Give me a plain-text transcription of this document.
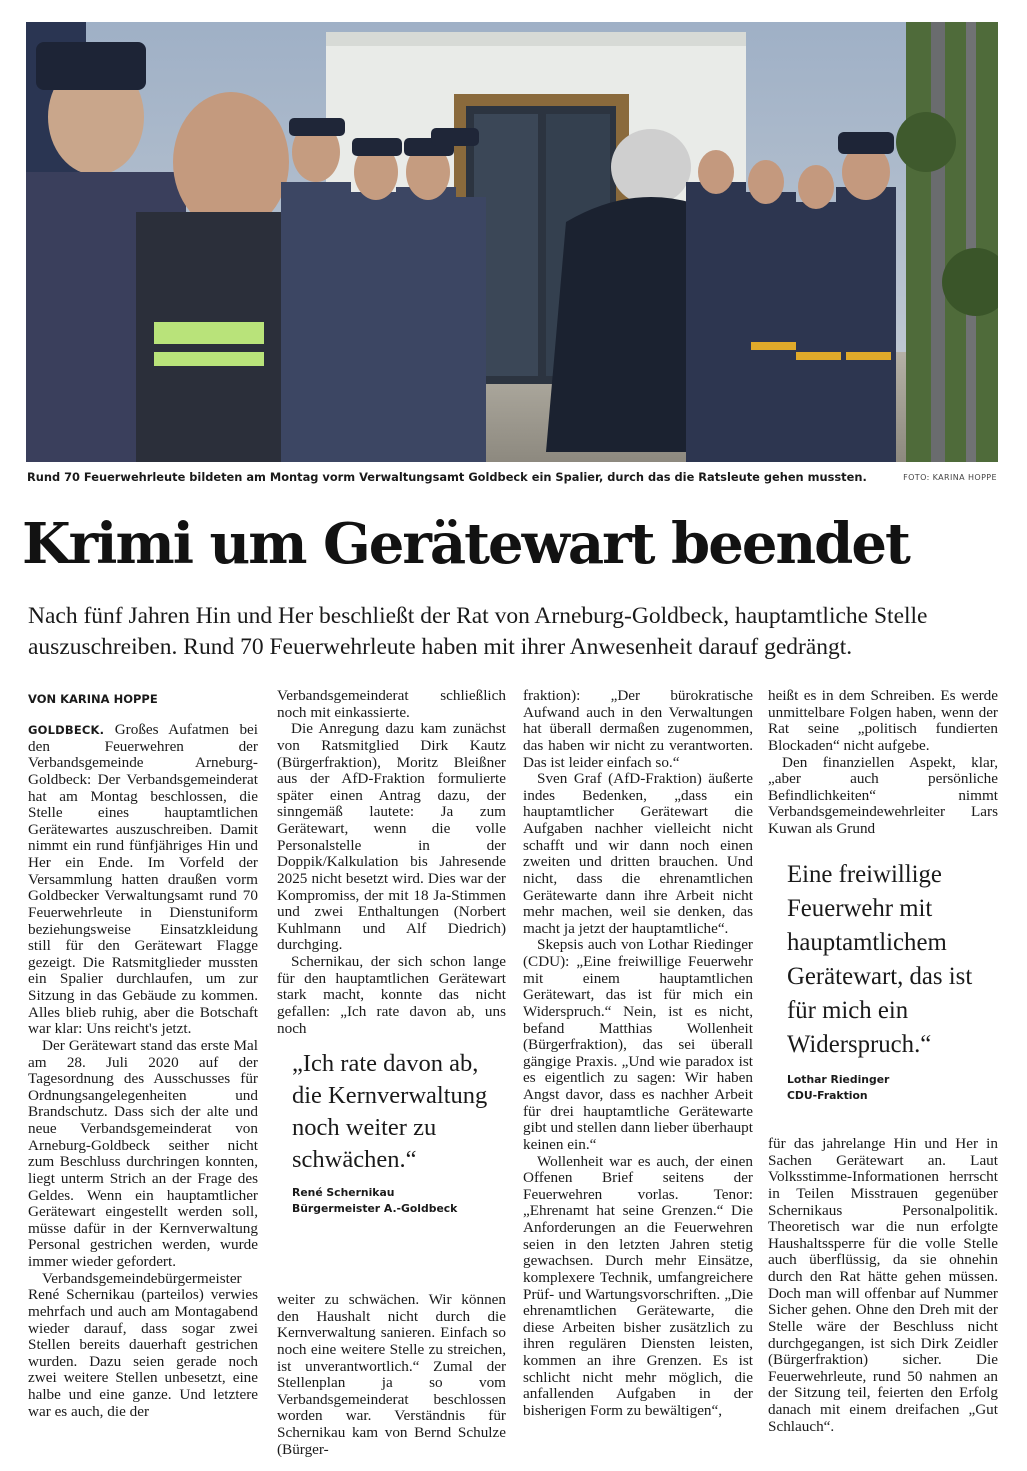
Rund 70 Feuerwehrleute bildeten am Montag vorm Verwaltungsamt Goldbeck ein Spalier, durch das die Ratsleute gehen mussten.	FOTO: KARINA HOPPE
Krimi um Gerätewart beendet

Nach fünf Jahren Hin und Her beschließt der Rat von Arneburg-Goldbeck, hauptamtliche Stelle auszuschreiben. Rund 70 Feuerwehrleute haben mit ihrer Anwesenheit darauf gedrängt.

VON KARINA HOPPE

GOLDBECK. Großes Aufatmen bei den Feuerwehren der Verbandsgemeinde Arneburg-Goldbeck: Der Verbandsgemeinderat hat am Montag beschlossen, die Stelle eines hauptamtlichen Gerätewartes auszuschreiben. Damit nimmt ein rund fünfjähriges Hin und Her ein Ende. Im Vorfeld der Versammlung hatten draußen vorm Goldbecker Verwaltungsamt rund 70 Feuerwehrleute in Dienstuniform beziehungsweise Einsatzkleidung still für den Gerätewart Flagge gezeigt. Die Ratsmitglieder mussten ein Spalier durchlaufen, um zur Sitzung in das Gebäude zu kommen. Alles blieb ruhig, aber die Botschaft war klar: Uns reicht's jetzt.

Der Gerätewart stand das erste Mal am 28. Juli 2020 auf der Tagesordnung des Ausschusses für Ordnungsangelegenheiten und Brandschutz. Dass sich der alte und neue Verbandsgemeinderat von Arneburg-Goldbeck seither nicht zum Beschluss durchringen konnten, liegt unterm Strich an der Frage des Geldes. Wenn ein hauptamtlicher Gerätewart eingestellt werden soll, müsse dafür in der Kernverwaltung Personal gestrichen werden, wurde immer wieder gefordert.

Verbandsgemeindebürgermeister René Schernikau (parteilos) verwies mehrfach und auch am Montagabend wieder darauf, dass sogar zwei Stellen bereits dauerhaft gestrichen wurden. Dazu seien gerade noch zwei weitere Stellen unbesetzt, eine halbe und eine ganze. Und letztere war es auch, die der

Verbandsgemeinderat schließlich noch mit einkassierte.

Die Anregung dazu kam zunächst von Ratsmitglied Dirk Kautz (Bürgerfraktion), Moritz Bleißner aus der AfD-Fraktion formulierte später einen Antrag dazu, der sinngemäß lautete: Ja zum Gerätewart, wenn die volle Personalstelle in der Doppik/Kalkulation bis Jahresende 2025 nicht besetzt wird. Dies war der Kompromiss, der mit 18 Ja-Stimmen und zwei Enthaltungen (Norbert Kuhlmann und Alf Diedrich) durchging.

Schernikau, der sich schon lange für den hauptamtlichen Gerätewart stark macht, konnte das nicht gefallen: „Ich rate davon ab, uns noch

„Ich rate davon ab, die Kernverwaltung noch weiter zu schwächen.“

René Schernikau

Bürgermeister A.-Goldbeck

weiter zu schwächen. Wir können den Haushalt nicht durch die Kernverwaltung sanieren. Einfach so noch eine weitere Stelle zu streichen, ist unverantwortlich.“ Zumal der Stellenplan ja so vom Verbandsgemeinderat beschlossen worden war. Verständnis für Schernikau kam von Bernd Schulze (Bürger-

fraktion): „Der bürokratische Aufwand auch in den Verwaltungen hat überall dermaßen zugenommen, das haben wir nicht zu verantworten. Das ist leider einfach so.“

Sven Graf (AfD-Fraktion) äußerte indes Bedenken, „dass ein hauptamtlicher Gerätewart die Aufgaben nachher vielleicht nicht schafft und wir dann noch einen zweiten und dritten brauchen. Und nicht, dass die ehrenamtlichen Gerätewarte dann ihre Arbeit nicht mehr machen, weil sie denken, das macht ja jetzt der hauptamtliche“.

Skepsis auch von Lothar Riedinger (CDU): „Eine freiwillige Feuerwehr mit einem hauptamtlichen Gerätewart, das ist für mich ein Widerspruch.“ Nein, ist es nicht, befand Matthias Wollenheit (Bürgerfraktion), das sei überall gängige Praxis. „Und wie paradox ist es eigentlich zu sagen: Wir haben Angst davor, dass es nachher Arbeit für drei hauptamtliche Gerätewarte gibt und stellen dann lieber überhaupt keinen ein.“

Wollenheit war es auch, der einen Offenen Brief seitens der Feuerwehren vorlas. Tenor: „Ehrenamt hat seine Grenzen.“ Die Anforderungen an die Feuerwehren seien in den letzten Jahren stetig gewachsen. Durch mehr Einsätze, komplexere Technik, umfangreichere Prüf- und Wartungsvorschriften. „Die ehrenamtlichen Gerätewarte, die diese Arbeiten bisher zusätzlich zu ihren regulären Diensten leisten, kommen an ihre Grenzen. Es ist schlicht nicht mehr möglich, die anfallenden Aufgaben in der bisherigen Form zu bewältigen“,

heißt es in dem Schreiben. Es werde unmittelbare Folgen haben, wenn der Rat seine „politisch fundierten Blockaden“ nicht aufgebe.

Den finanziellen Aspekt, klar, „aber auch persönliche Befindlichkeiten“ nimmt Verbandsgemeindewehrleiter Lars Kuwan als Grund

Eine freiwillige Feuerwehr mit hauptamtlichem Gerätewart, das ist für mich ein Widerspruch.“

Lothar Riedinger

CDU-Fraktion

für das jahrelange Hin und Her in Sachen Gerätewart an. Laut Volksstimme-Informationen herrscht in Teilen Misstrauen gegenüber Schernikaus Personalpolitik. Theoretisch war die nun erfolgte Haushaltssperre für die volle Stelle auch überflüssig, da sie ohnehin durch den Rat hätte gehen müssen. Doch man will offenbar auf Nummer Sicher gehen. Ohne den Dreh mit der Stelle wäre der Beschluss nicht durchgegangen, ist sich Dirk Zeidler (Bürgerfraktion) sicher. Die Feuerwehrleute, rund 50 nahmen an der Sitzung teil, feierten den Erfolg danach mit einem dreifachen „Gut Schlauch“.
